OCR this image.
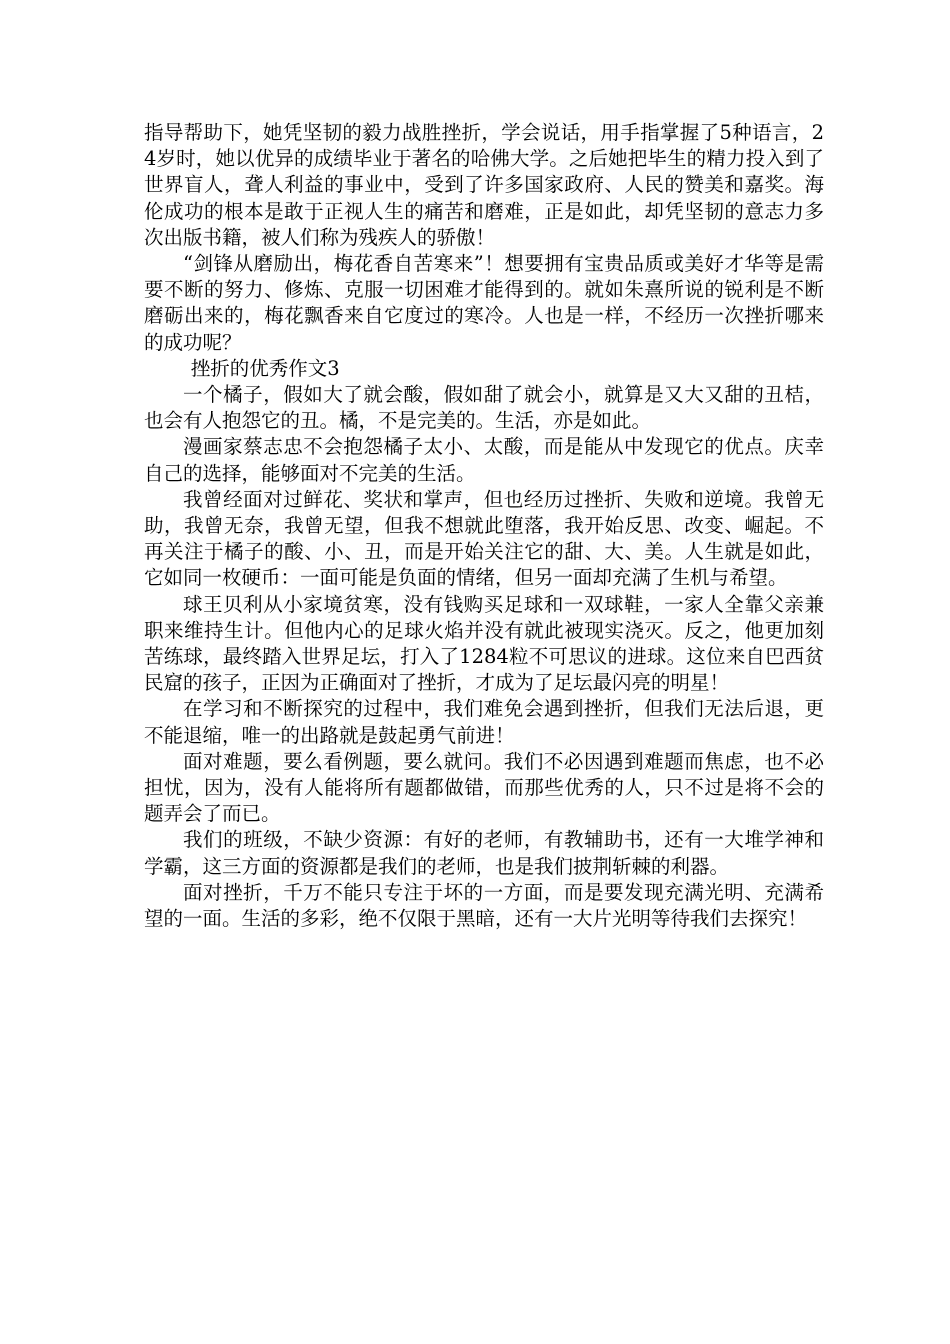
指导帮助下，她凭坚韧的毅力战胜挫折，学会说话，用手指掌握了5种语言，24岁时，她以优异的成绩毕业于著名的哈佛大学。之后她把毕生的精力投入到了世界盲人，聋人利益的事业中，受到了许多国家政府、人民的赞美和嘉奖。海伦成功的根本是敢于正视人生的痛苦和磨难，正是如此，却凭坚韧的意志力多次出版书籍，被人们称为残疾人的骄傲！

“剑锋从磨励出，梅花香自苦寒来”！想要拥有宝贵品质或美好才华等是需要不断的努力、修炼、克服一切困难才能得到的。就如朱熹所说的锐利是不断磨砺出来的，梅花飘香来自它度过的寒冷。人也是一样，不经历一次挫折哪来的成功呢？

挫折的优秀作文3

一个橘子，假如大了就会酸，假如甜了就会小，就算是又大又甜的丑桔，也会有人抱怨它的丑。橘，不是完美的。生活，亦是如此。

漫画家蔡志忠不会抱怨橘子太小、太酸，而是能从中发现它的优点。庆幸自己的选择，能够面对不完美的生活。

我曾经面对过鲜花、奖状和掌声，但也经历过挫折、失败和逆境。我曾无助，我曾无奈，我曾无望，但我不想就此堕落，我开始反思、改变、崛起。不再关注于橘子的酸、小、丑，而是开始关注它的甜、大、美。人生就是如此，它如同一枚硬币：一面可能是负面的情绪，但另一面却充满了生机与希望。

球王贝利从小家境贫寒，没有钱购买足球和一双球鞋，一家人全靠父亲兼职来维持生计。但他内心的足球火焰并没有就此被现实浇灭。反之，他更加刻苦练球，最终踏入世界足坛，打入了1284粒不可思议的进球。这位来自巴西贫民窟的孩子，正因为正确面对了挫折，才成为了足坛最闪亮的明星！

在学习和不断探究的过程中，我们难免会遇到挫折，但我们无法后退，更不能退缩，唯一的出路就是鼓起勇气前进！

面对难题，要么看例题，要么就问。我们不必因遇到难题而焦虑，也不必担忧，因为，没有人能将所有题都做错，而那些优秀的人，只不过是将不会的题弄会了而已。

我们的班级，不缺少资源：有好的老师，有教辅助书，还有一大堆学神和学霸，这三方面的资源都是我们的老师，也是我们披荆斩棘的利器。

面对挫折，千万不能只专注于坏的一方面，而是要发现充满光明、充满希望的一面。生活的多彩，绝不仅限于黑暗，还有一大片光明等待我们去探究！
